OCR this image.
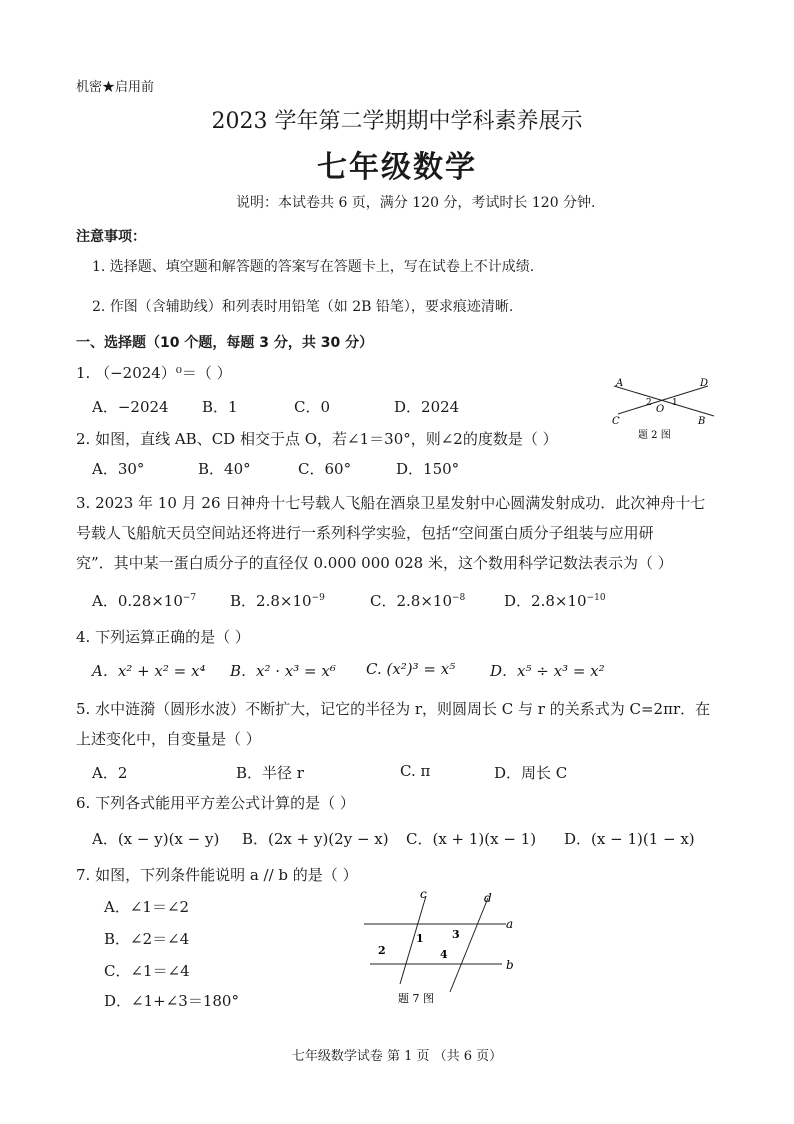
机密★启用前
2023 学年第二学期期中学科素养展示
七年级数学
说明：本试卷共 6 页，满分 120 分，考试时长 120 分钟.
注意事项：
1. 选择题、填空题和解答题的答案写在答题卡上，写在试卷上不计成绩.
2. 作图（含辅助线）和列表时用铅笔（如 2B 铅笔），要求痕迹清晰.
一、选择题（10 个题，每题 3 分，共 30 分）
1. （−2024）⁰＝（ ）
A．−2024 B．1	C．0	D．2024
A	D
C	B
O
2 1
题 2 图
2. 如图，直线 AB、CD 相交于点 O，若∠1＝30°，则∠2的度数是（ ）
A．30°	B．40°	C．60°	D．150°
3. 2023 年 10 月 26 日神舟十七号载人飞船在酒泉卫星发射中心圆满发射成功．此次神舟十七
号载人飞船航天员空间站还将进行一系列科学实验，包括“空间蛋白质分子组装与应用研
究”．其中某一蛋白质分子的直径仅 0.000 000 028 米，这个数用科学记数法表示为（ ）
A．$0.28\times 10^{-7}$ B．$2.8\times 10^{-9}$	C．$2.8\times 10^{-8}$	D．$2.8\times 10^{-10}$
4. 下列运算正确的是（ ）
A．x² + x² = x⁴ B．x² · x³ = x⁶ C. (x²)³ = x⁵ D．x⁵ ÷ x³ = x²
5. 水中涟漪（圆形水波）不断扩大，记它的半径为 r，则圆周长 C 与 r 的关系式为 C=2πr．在
上述变化中，自变量是（ ）
A．2	B．半径 r	C. π	D．周长 C
6. 下列各式能用平方差公式计算的是（ ）
A．(x − y)(x − y) B．(2x + y)(2y − x) C．(x + 1)(x − 1) D．(x − 1)(1 − x)
7. 如图，下列条件能说明 a // b 的是（ ）
A．∠1＝∠2
B．∠2＝∠4
C．∠1＝∠4
D．∠1+∠3＝180°
c	d
a
b
1
2
3
4
题 7 图
七年级数学试卷 第 1 页 （共 6 页）
